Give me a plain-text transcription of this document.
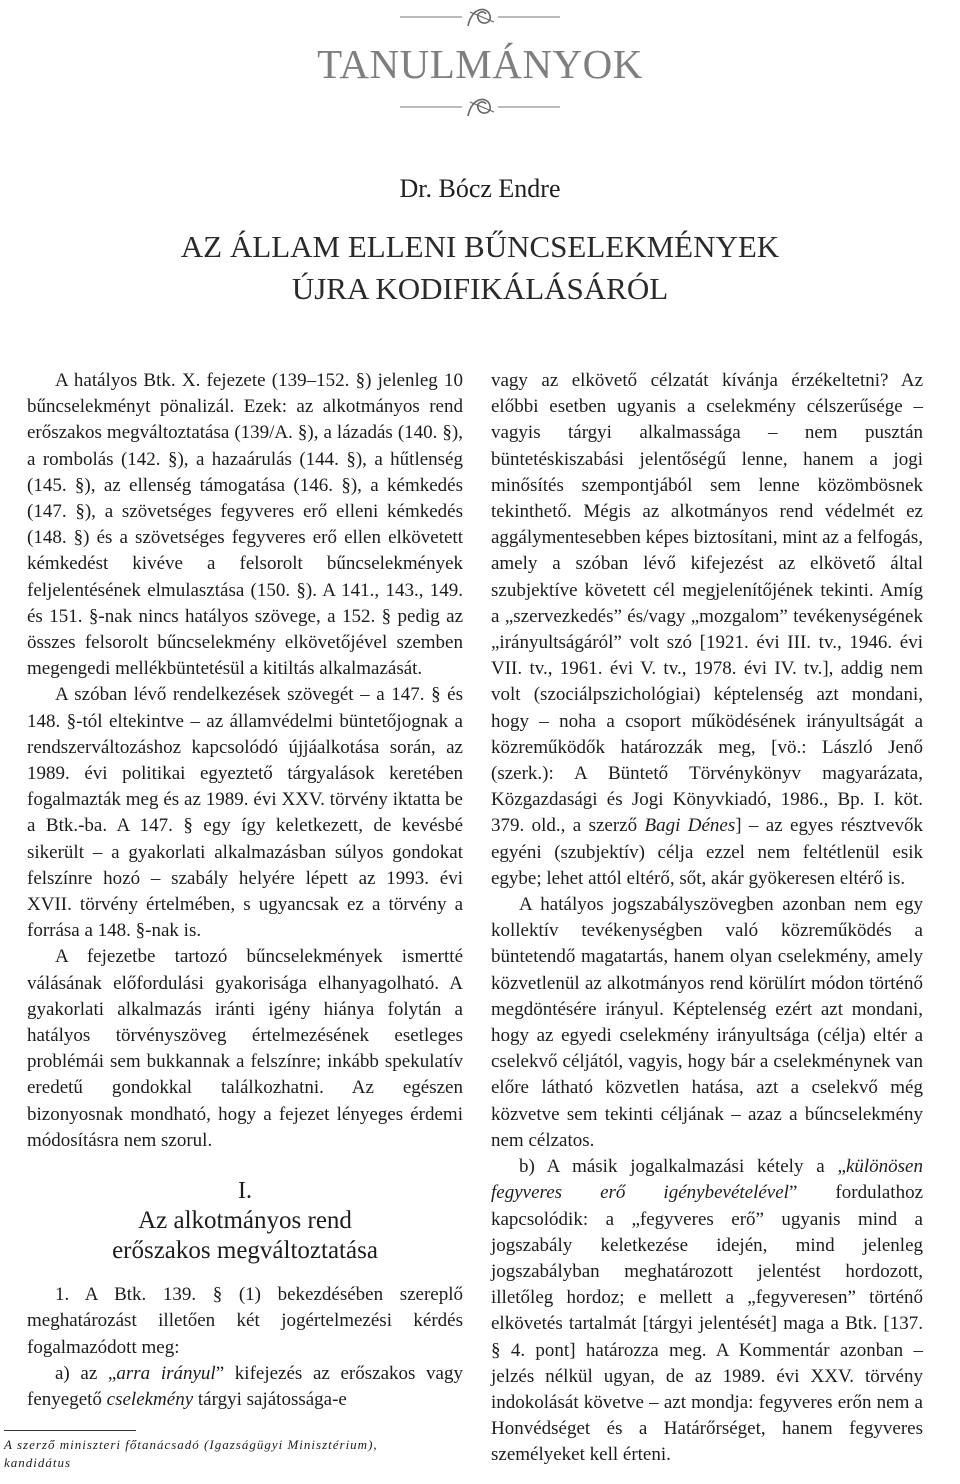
TANULMÁNYOK
Dr. Bócz Endre
AZ ÁLLAM ELLENI BŰNCSELEKMÉNYEK
ÚJRA KODIFIKÁLÁSÁRÓL

A hatályos Btk. X. fejezete (139–152. §) jelenleg 10 bűncselekményt pönalizál. Ezek: az alkotmányos rend erőszakos megváltoztatása (139/A. §), a lázadás (140. §), a rombolás (142. §), a hazaárulás (144. §), a hűtlenség (145. §), az ellenség támogatása (146. §), a kémkedés (147. §), a szövetséges fegyveres erő elleni kémkedés (148. §) és a szövetséges fegyveres erő ellen elkövetett kémkedést kivéve a felsorolt bűncselekmények feljelentésének elmulasztása (150. §). A 141., 143., 149. és 151. §-nak nincs hatályos szövege, a 152. § pedig az összes felsorolt bűncselekmény elkövetőjével szemben megengedi mellékbüntetésül a kitiltás alkalmazását.

A szóban lévő rendelkezések szövegét – a 147. § és 148. §-tól eltekintve – az államvédelmi büntetőjognak a rendszerváltozáshoz kapcsolódó újjáalkotása során, az 1989. évi politikai egyeztető tárgyalások keretében fogalmazták meg és az 1989. évi XXV. törvény iktatta be a Btk.-ba. A 147. § egy így keletkezett, de kevésbé sikerült – a gyakorlati alkalmazásban súlyos gondokat felszínre hozó – szabály helyére lépett az 1993. évi XVII. törvény értelmében, s ugyancsak ez a törvény a forrása a 148. §-nak is.

A fejezetbe tartozó bűncselekmények ismertté válásának előfordulási gyakorisága elhanyagolható. A gyakorlati alkalmazás iránti igény hiánya folytán a hatályos törvényszöveg értelmezésének esetleges problémái sem bukkannak a felszínre; inkább spekulatív eredetű gondokkal találkozhatni. Az egészen bizonyosnak mondható, hogy a fejezet lényeges érdemi módosításra nem szorul.

I.
Az alkotmányos rend
erőszakos megváltoztatása

1. A Btk. 139. § (1) bekezdésében szereplő meghatározást illetően két jogértelmezési kérdés fogalmazódott meg:

a) az „arra irányul” kifejezés az erőszakos vagy fenyegető cselekmény tárgyi sajátossága-e

vagy az elkövető célzatát kívánja érzékeltetni? Az előbbi esetben ugyanis a cselekmény célszerűsége – vagyis tárgyi alkalmassága – nem pusztán büntetéskiszabási jelentőségű lenne, hanem a jogi minősítés szempontjából sem lenne közömbösnek tekinthető. Mégis az alkotmányos rend védelmét ez aggálymentesebben képes biztosítani, mint az a felfogás, amely a szóban lévő kifejezést az elkövető által szubjektíve követett cél megjelenítőjének tekinti. Amíg a „szervezkedés” és/vagy „mozgalom” tevékenységének „irányultságáról” volt szó [1921. évi III. tv., 1946. évi VII. tv., 1961. évi V. tv., 1978. évi IV. tv.], addig nem volt (szociálpszichológiai) képtelenség azt mondani, hogy – noha a csoport működésének irányultságát a közreműködők határozzák meg, [vö.: László Jenő (szerk.): A Büntető Törvénykönyv magyarázata, Közgazdasági és Jogi Könyvkiadó, 1986., Bp. I. köt. 379. old., a szerző Bagi Dénes] – az egyes résztvevők egyéni (szubjektív) célja ezzel nem feltétlenül esik egybe; lehet attól eltérő, sőt, akár gyökeresen eltérő is.

A hatályos jogszabályszövegben azonban nem egy kollektív tevékenységben való közreműködés a büntetendő magatartás, hanem olyan cselekmény, amely közvetlenül az alkotmányos rend körülírt módon történő megdöntésére irányul. Képtelenség ezért azt mondani, hogy az egyedi cselekmény irányultsága (célja) eltér a cselekvő céljától, vagyis, hogy bár a cselekménynek van előre látható közvetlen hatása, azt a cselekvő még közvetve sem tekinti céljának – azaz a bűncselekmény nem célzatos.

b) A másik jogalkalmazási kétely a „különösen fegyveres erő igénybevételével” fordulathoz kapcsolódik: a „fegyveres erő” ugyanis mind a jogszabály keletkezése idején, mind jelenleg jogszabályban meghatározott jelentést hordozott, illetőleg hordoz; e mellett a „fegyveresen” történő elkövetés tartalmát [tárgyi jelentését] maga a Btk. [137. § 4. pont] határozza meg. A Kommentár azonban – jelzés nélkül ugyan, de az 1989. évi XXV. törvény indokolását követve – azt mondja: fegyveres erőn nem a Honvédséget és a Határőrséget, hanem fegyveres személyeket kell érteni.

A szerző miniszteri főtanácsadó (Igazságügyi Minisztérium),
kandidátus
